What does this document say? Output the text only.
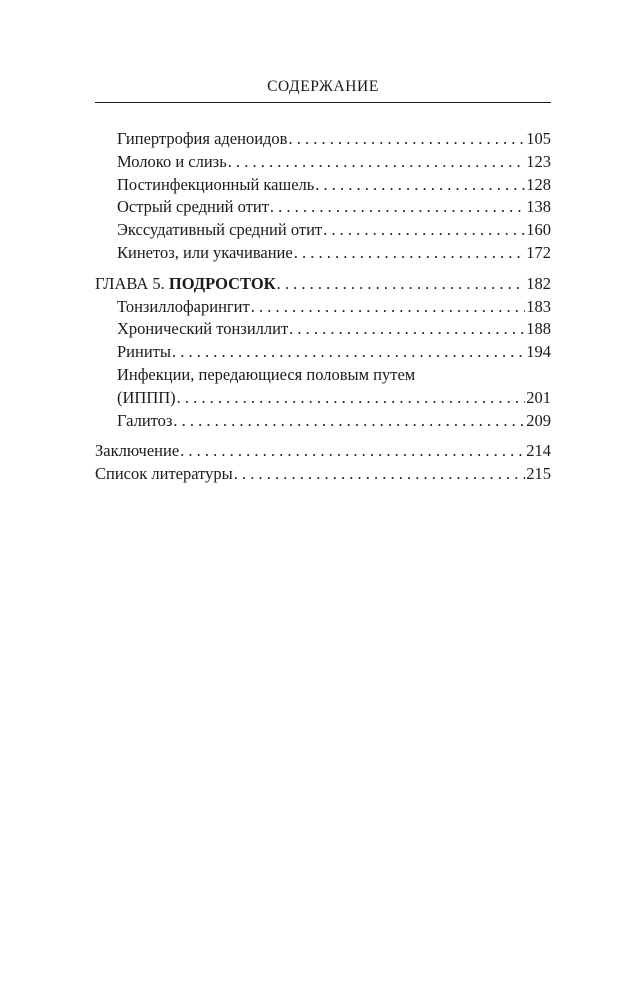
СОДЕРЖАНИЕ
Гипертрофия аденоидов . . .	105
Молоко и слизь . . .	123
Постинфекционный кашель . . .	128
Острый средний отит . . .	138
Экссудативный средний отит . . .	160
Кинетоз, или укачивание . . .	172
ГЛАВА 5. ПОДРОСТОК . . .	182
Тонзиллофарингит . . .	183
Хронический тонзиллит . . .	188
Риниты . . .	194
Инфекции, передающиеся половым путем
(ИППП) . . .	201
Галитоз . . .	209
Заключение . . .	214
Список литературы . . .	215
